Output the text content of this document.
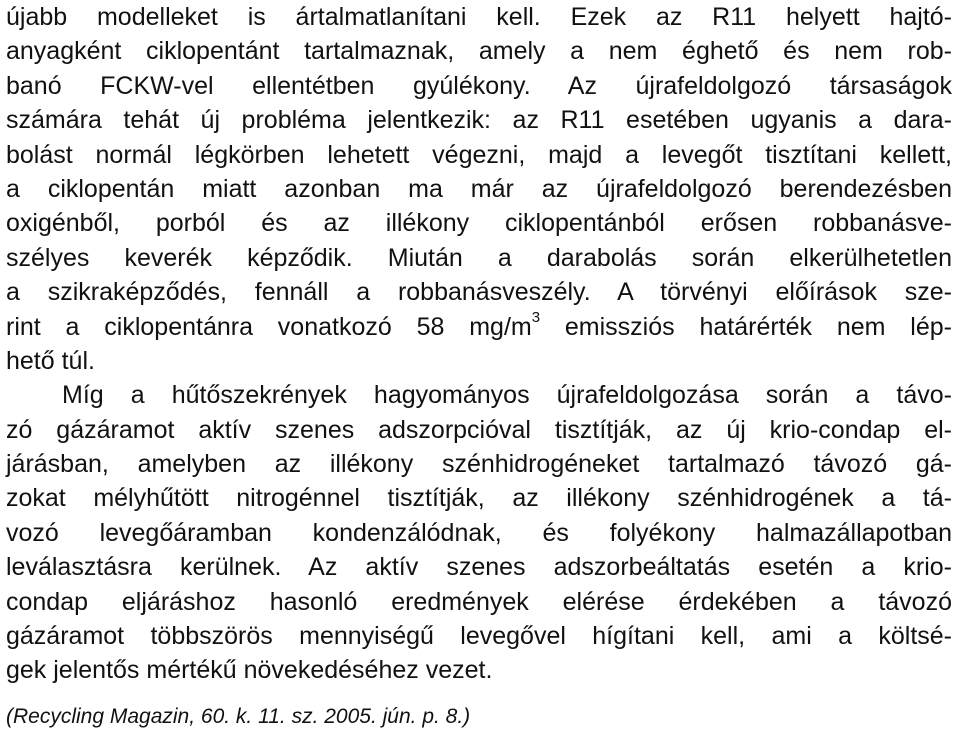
újabb modelleket is ártalmatlanítani kell. Ezek az R11 helyett hajtó-
anyagként ciklopentánt tartalmaznak, amely a nem éghető és nem rob-
banó FCKW-vel ellentétben gyúlékony. Az újrafeldolgozó társaságok
számára tehát új probléma jelentkezik: az R11 esetében ugyanis a dara-
bolást normál légkörben lehetett végezni, majd a levegőt tisztítani kellett,
a ciklopentán miatt azonban ma már az újrafeldolgozó berendezésben
oxigénből, porból és az illékony ciklopentánból erősen robbanásve-
szélyes keverék képződik. Miután a darabolás során elkerülhetetlen
a szikraképződés, fennáll a robbanásveszély. A törvényi előírások sze-
rint a ciklopentánra vonatkozó 58 $mg/m^3$ emissziós határérték nem lép-
hető túl.
Míg a hűtőszekrények hagyományos újrafeldolgozása során a távo-
zó gázáramot aktív szenes adszorpcióval tisztítják, az új krio-condap el-
járásban, amelyben az illékony szénhidrogéneket tartalmazó távozó gá-
zokat mélyhűtött nitrogénnel tisztítják, az illékony szénhidrogének a tá-
vozó levegőáramban kondenzálódnak, és folyékony halmazállapotban
leválasztásra kerülnek. Az aktív szenes adszorbeáltatás esetén a krio-
condap eljáráshoz hasonló eredmények elérése érdekében a távozó
gázáramot többszörös mennyiségű levegővel hígítani kell, ami a költsé-
gek jelentős mértékű növekedéséhez vezet.
(Recycling Magazin, 60. k. 11. sz. 2005. jún. p. 8.)
